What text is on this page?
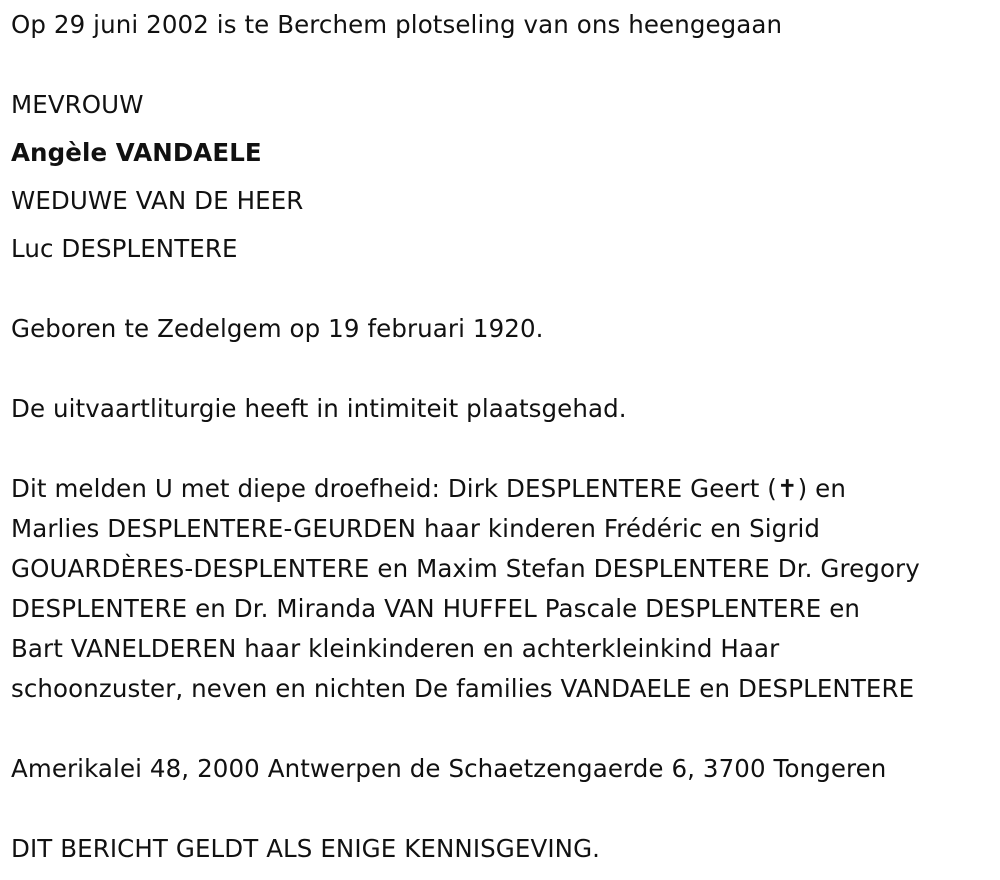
Op 29 juni 2002 is te Berchem plotseling van ons heengegaan
MEVROUW
Angèle VANDAELE
WEDUWE VAN DE HEER
Luc DESPLENTERE
Geboren te Zedelgem op 19 februari 1920.
De uitvaartliturgie heeft in intimiteit plaatsgehad.
Dit melden U met diepe droefheid: Dirk DESPLENTERE Geert (✝) en
Marlies DESPLENTERE-GEURDEN haar kinderen Frédéric en Sigrid
GOUARDÈRES-DESPLENTERE en Maxim Stefan DESPLENTERE Dr. Gregory
DESPLENTERE en Dr. Miranda VAN HUFFEL Pascale DESPLENTERE en
Bart VANELDEREN haar kleinkinderen en achterkleinkind Haar
schoonzuster, neven en nichten De families VANDAELE en DESPLENTERE
Amerikalei 48, 2000 Antwerpen de Schaetzengaerde 6, 3700 Tongeren
DIT BERICHT GELDT ALS ENIGE KENNISGEVING.
